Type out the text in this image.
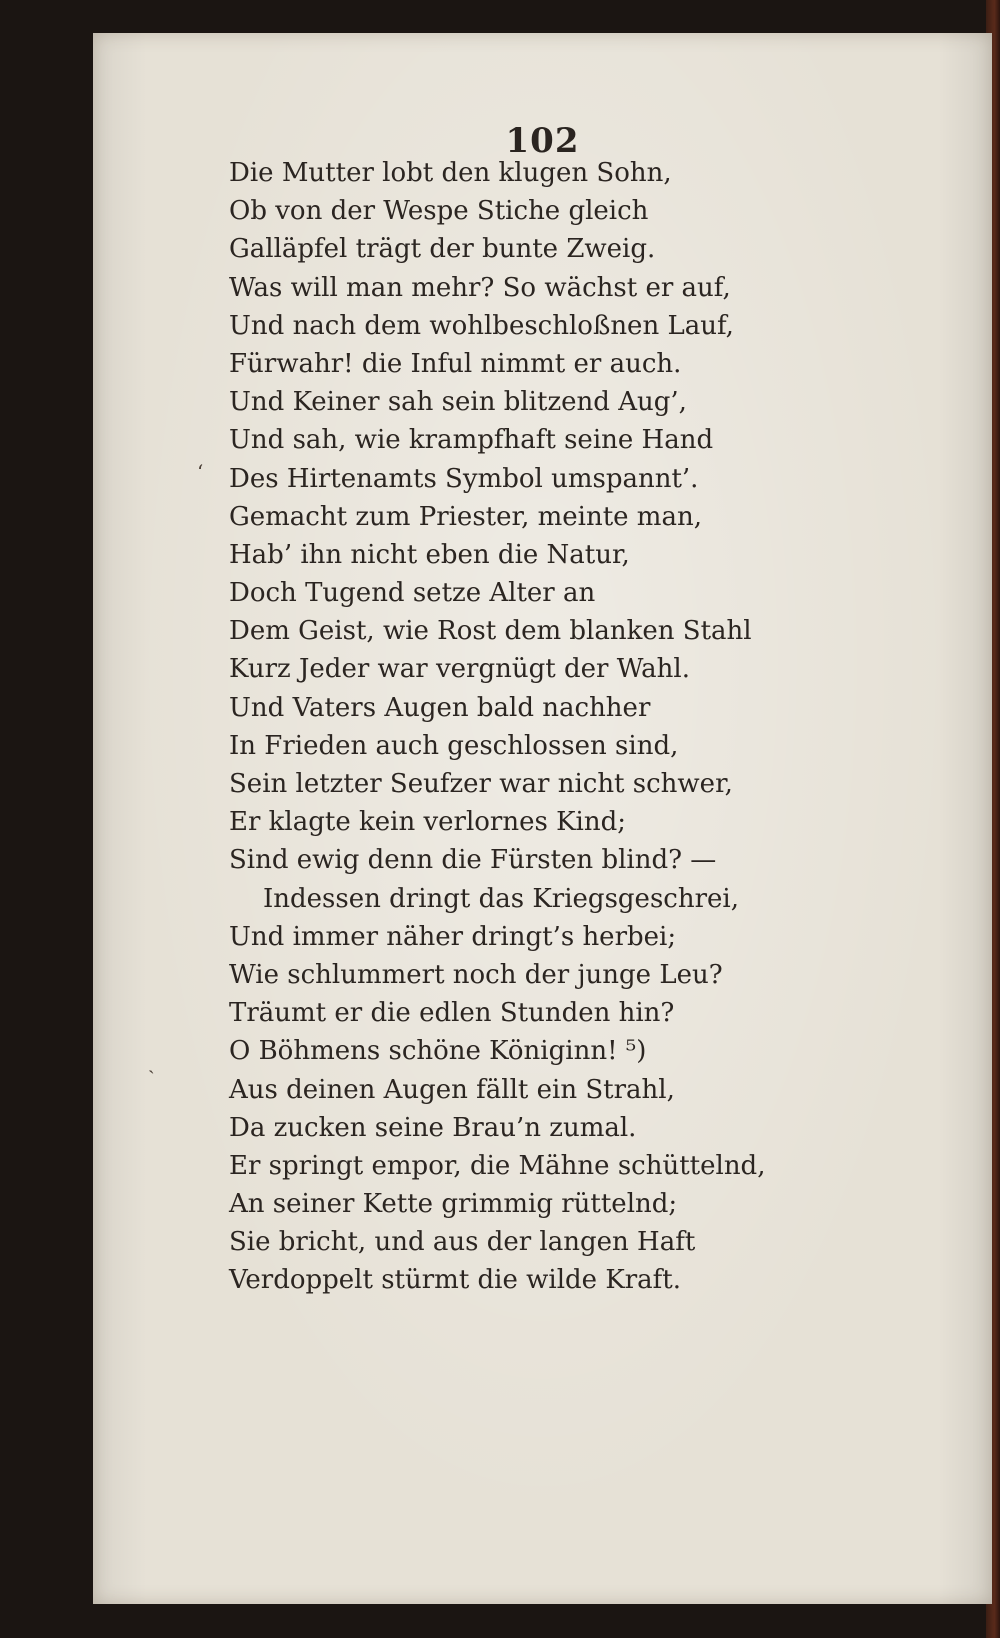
102
‘
ˎ
Die Mutter lobt den klugen Sohn,
Ob von der Wespe Stiche gleich
Galläpfel trägt der bunte Zweig.
Was will man mehr? So wächst er auf,
Und nach dem wohlbeschloßnen Lauf,
Fürwahr! die Inful nimmt er auch.
Und Keiner sah sein blitzend Aug’,
Und sah, wie krampfhaft seine Hand
Des Hirtenamts Symbol umspannt’.
Gemacht zum Priester, meinte man,
Hab’ ihn nicht eben die Natur,
Doch Tugend setze Alter an
Dem Geist, wie Rost dem blanken Stahl
Kurz Jeder war vergnügt der Wahl.
Und Vaters Augen bald nachher
In Frieden auch geschlossen sind,
Sein letzter Seufzer war nicht schwer,
Er klagte kein verlornes Kind;
Sind ewig denn die Fürsten blind? —
Indessen dringt das Kriegsgeschrei,
Und immer näher dringt’s herbei;
Wie schlummert noch der junge Leu?
Träumt er die edlen Stunden hin?
O Böhmens schöne Königinn! ⁵)
Aus deinen Augen fällt ein Strahl,
Da zucken seine Brau’n zumal.
Er springt empor, die Mähne schüttelnd,
An seiner Kette grimmig rüttelnd;
Sie bricht, und aus der langen Haft
Verdoppelt stürmt die wilde Kraft.
